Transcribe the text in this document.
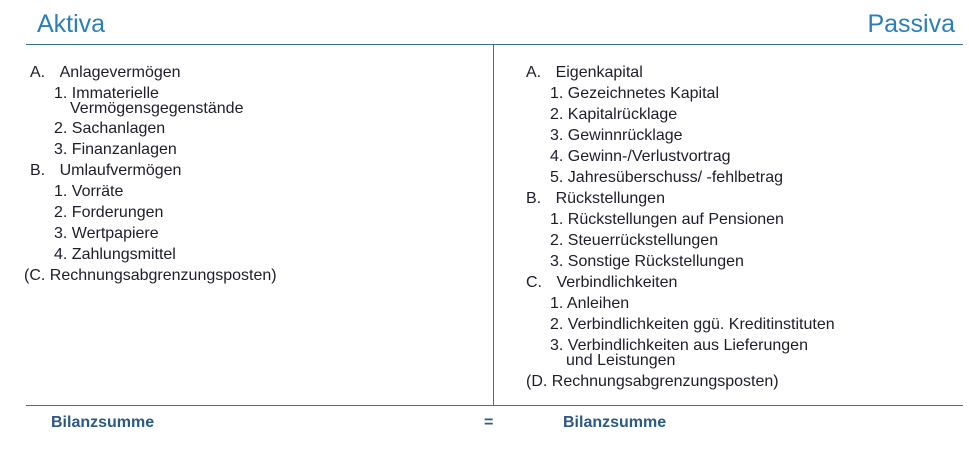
Aktiva	Passiva
A. Anlagevermögen
1. Immaterielle
Vermögensgegenstände
2. Sachanlagen
3. Finanzanlagen
B. Umlaufvermögen
1. Vorräte
2. Forderungen
3. Wertpapiere
4. Zahlungsmittel
(C. Rechnungsabgrenzungsposten)
A. Eigenkapital
1. Gezeichnetes Kapital
2. Kapitalrücklage
3. Gewinnrücklage
4. Gewinn-/Verlustvortrag
5. Jahresüberschuss/ -fehlbetrag
B. Rückstellungen
1. Rückstellungen auf Pensionen
2. Steuerrückstellungen
3. Sonstige Rückstellungen
C. Verbindlichkeiten
1. Anleihen
2. Verbindlichkeiten ggü. Kreditinstituten
3. Verbindlichkeiten aus Lieferungen
und Leistungen
(D. Rechnungsabgrenzungsposten)
Bilanzsumme	=	Bilanzsumme
